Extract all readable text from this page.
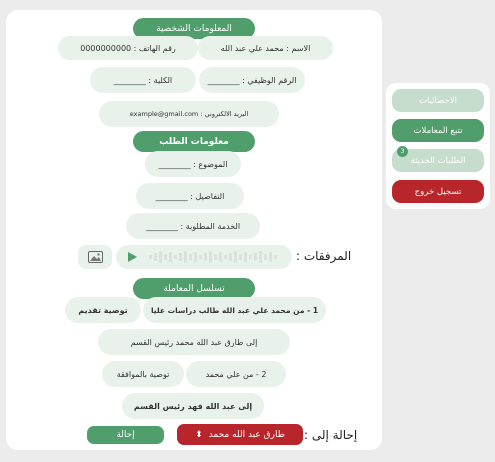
المعلومات الشخصية
الاسم : محمد علي عبد الله
رقم الهاتف : 0000000000
الرقم الوظيفي : ________
الكلية : ________
البريد الالكتروني : example@gmail.com
معلومات الطلب
الموضوع : ________
التفاصيل : ________
الخدمة المطلوبة : ________
المرفقات :
تسلسل المعاملة
1 - من محمد علي عبد الله طالب دراسات عليا
توصية تقديم
إلى طارق عبد الله محمد رئيس القسم
2 - من علي محمد
توصية بالموافقة
إلى عبد الله فهد رئيس القسم
إحالة إلى :
طارق عبد الله محمد
⬍
إحالة
الاحصائيات
تتبع المعاملات
الطلبات الحديثة
3
تسجيل خروج
